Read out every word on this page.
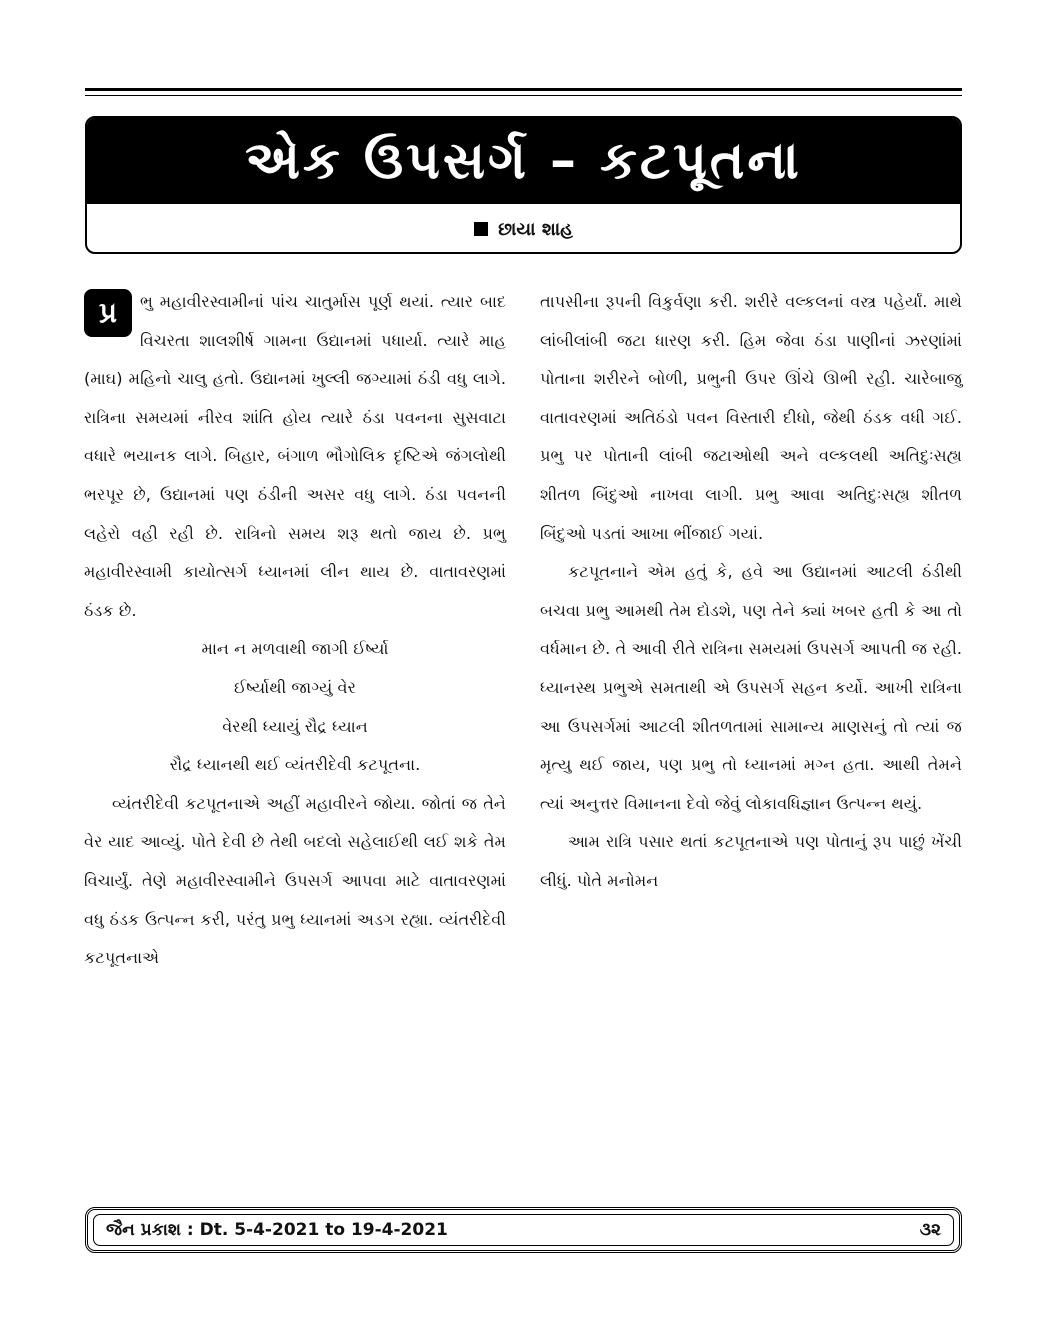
એક ઉપસર્ગ – કટપૂતના
છાયા શાહ
પ્ર	ભુ મહાવીરસ્વામીનાં પાંચ ચાતુર્માસ પૂર્ણ થયાં. ત્યાર બાદ વિચરતા શાલશીર્ષ ગામના ઉદ્યાનમાં પધાર્યા. ત્યારે માહ (માઘ) મહિનો ચાલુ હતો. ઉદ્યાનમાં ખુલ્લી જગ્યામાં ઠંડી વધુ લાગે. રાત્રિના સમયમાં નીરવ શાંતિ હોય ત્યારે ઠંડા પવનના સુસવાટા વધારે ભયાનક લાગે. બિહાર, બંગાળ ભૌગોલિક દૃષ્ટિએ જંગલોથી ભરપૂર છે, ઉદ્યાનમાં પણ ઠંડીની અસર વધુ લાગે. ઠંડા પવનની લહેરો વહી રહી છે. રાત્રિનો સમય શરૂ થતો જાય છે. પ્રભુ મહાવીરસ્વામી કાયોત્સર્ગ ધ્યાનમાં લીન થાય છે. વાતાવરણમાં ઠંડક છે.

માન ન મળવાથી જાગી ઈર્ષ્યા

ઈર્ષ્યાથી જાગ્યું વેર

વેરથી ધ્યાયું રૌદ્ર ધ્યાન

રૌદ્ર ધ્યાનથી થઈ વ્યંતરીદેવી કટપૂતના.

વ્યંતરીદેવી કટપૂતનાએ અહીં મહાવીરને જોયા. જોતાં જ તેને વેર યાદ આવ્યું. પોતે દેવી છે તેથી બદલો સહેલાઈથી લઈ શકે તેમ વિચાર્યું. તેણે મહાવીરસ્વામીને ઉપસર્ગ આપવા માટે વાતાવરણમાં વધુ ઠંડક ઉત્પન્ન કરી, પરંતુ પ્રભુ ધ્યાનમાં અડગ રહ્યા. વ્યંતરીદેવી કટપૂતનાએ

તાપસીના રૂપની વિકુર્વણા કરી. શરીરે વલ્કલનાં વસ્ત્ર પહેર્યાં. માથે લાંબીલાંબી જટા ધારણ કરી. હિમ જેવા ઠંડા પાણીનાં ઝરણાંમાં પોતાના શરીરને બોળી, પ્રભુની ઉપર ઊંચે ઊભી રહી. ચારેબાજુ વાતાવરણમાં અતિઠંડો પવન વિસ્તારી દીધો, જેથી ઠંડક વધી ગઈ. પ્રભુ પર પોતાની લાંબી જટાઓથી અને વલ્કલથી અતિદુઃસહ્ય શીતળ બિંદુઓ નાખવા લાગી. પ્રભુ આવા અતિદુઃસહ્ય શીતળ બિંદુઓ પડતાં આખા ભીંજાઈ ગયાં.

કટપૂતનાને એમ હતું કે, હવે આ ઉદ્યાનમાં આટલી ઠંડીથી બચવા પ્રભુ આમથી તેમ દોડશે, પણ તેને ક્યાં ખબર હતી કે આ તો વર્ધમાન છે. તે આવી રીતે રાત્રિના સમયમાં ઉપસર્ગ આપતી જ રહી. ધ્યાનસ્થ પ્રભુએ સમતાથી એ ઉપસર્ગ સહન કર્યો. આખી રાત્રિના આ ઉપસર્ગમાં આટલી શીતળતામાં સામાન્ય માણસનું તો ત્યાં જ મૃત્યુ થઈ જાય, પણ પ્રભુ તો ધ્યાનમાં મગ્ન હતા. આથી તેમને ત્યાં અનુત્તર વિમાનના દેવો જેવું લોકાવધિજ્ઞાન ઉત્પન્ન થયું.

આમ રાત્રિ પસાર થતાં કટપૂતનાએ પણ પોતાનું રૂપ પાછું ખેંચી લીધું. પોતે મનોમન

જૈન પ્રકાશ : Dt. 5-4-2021 to 19-4-2021	૩૨
